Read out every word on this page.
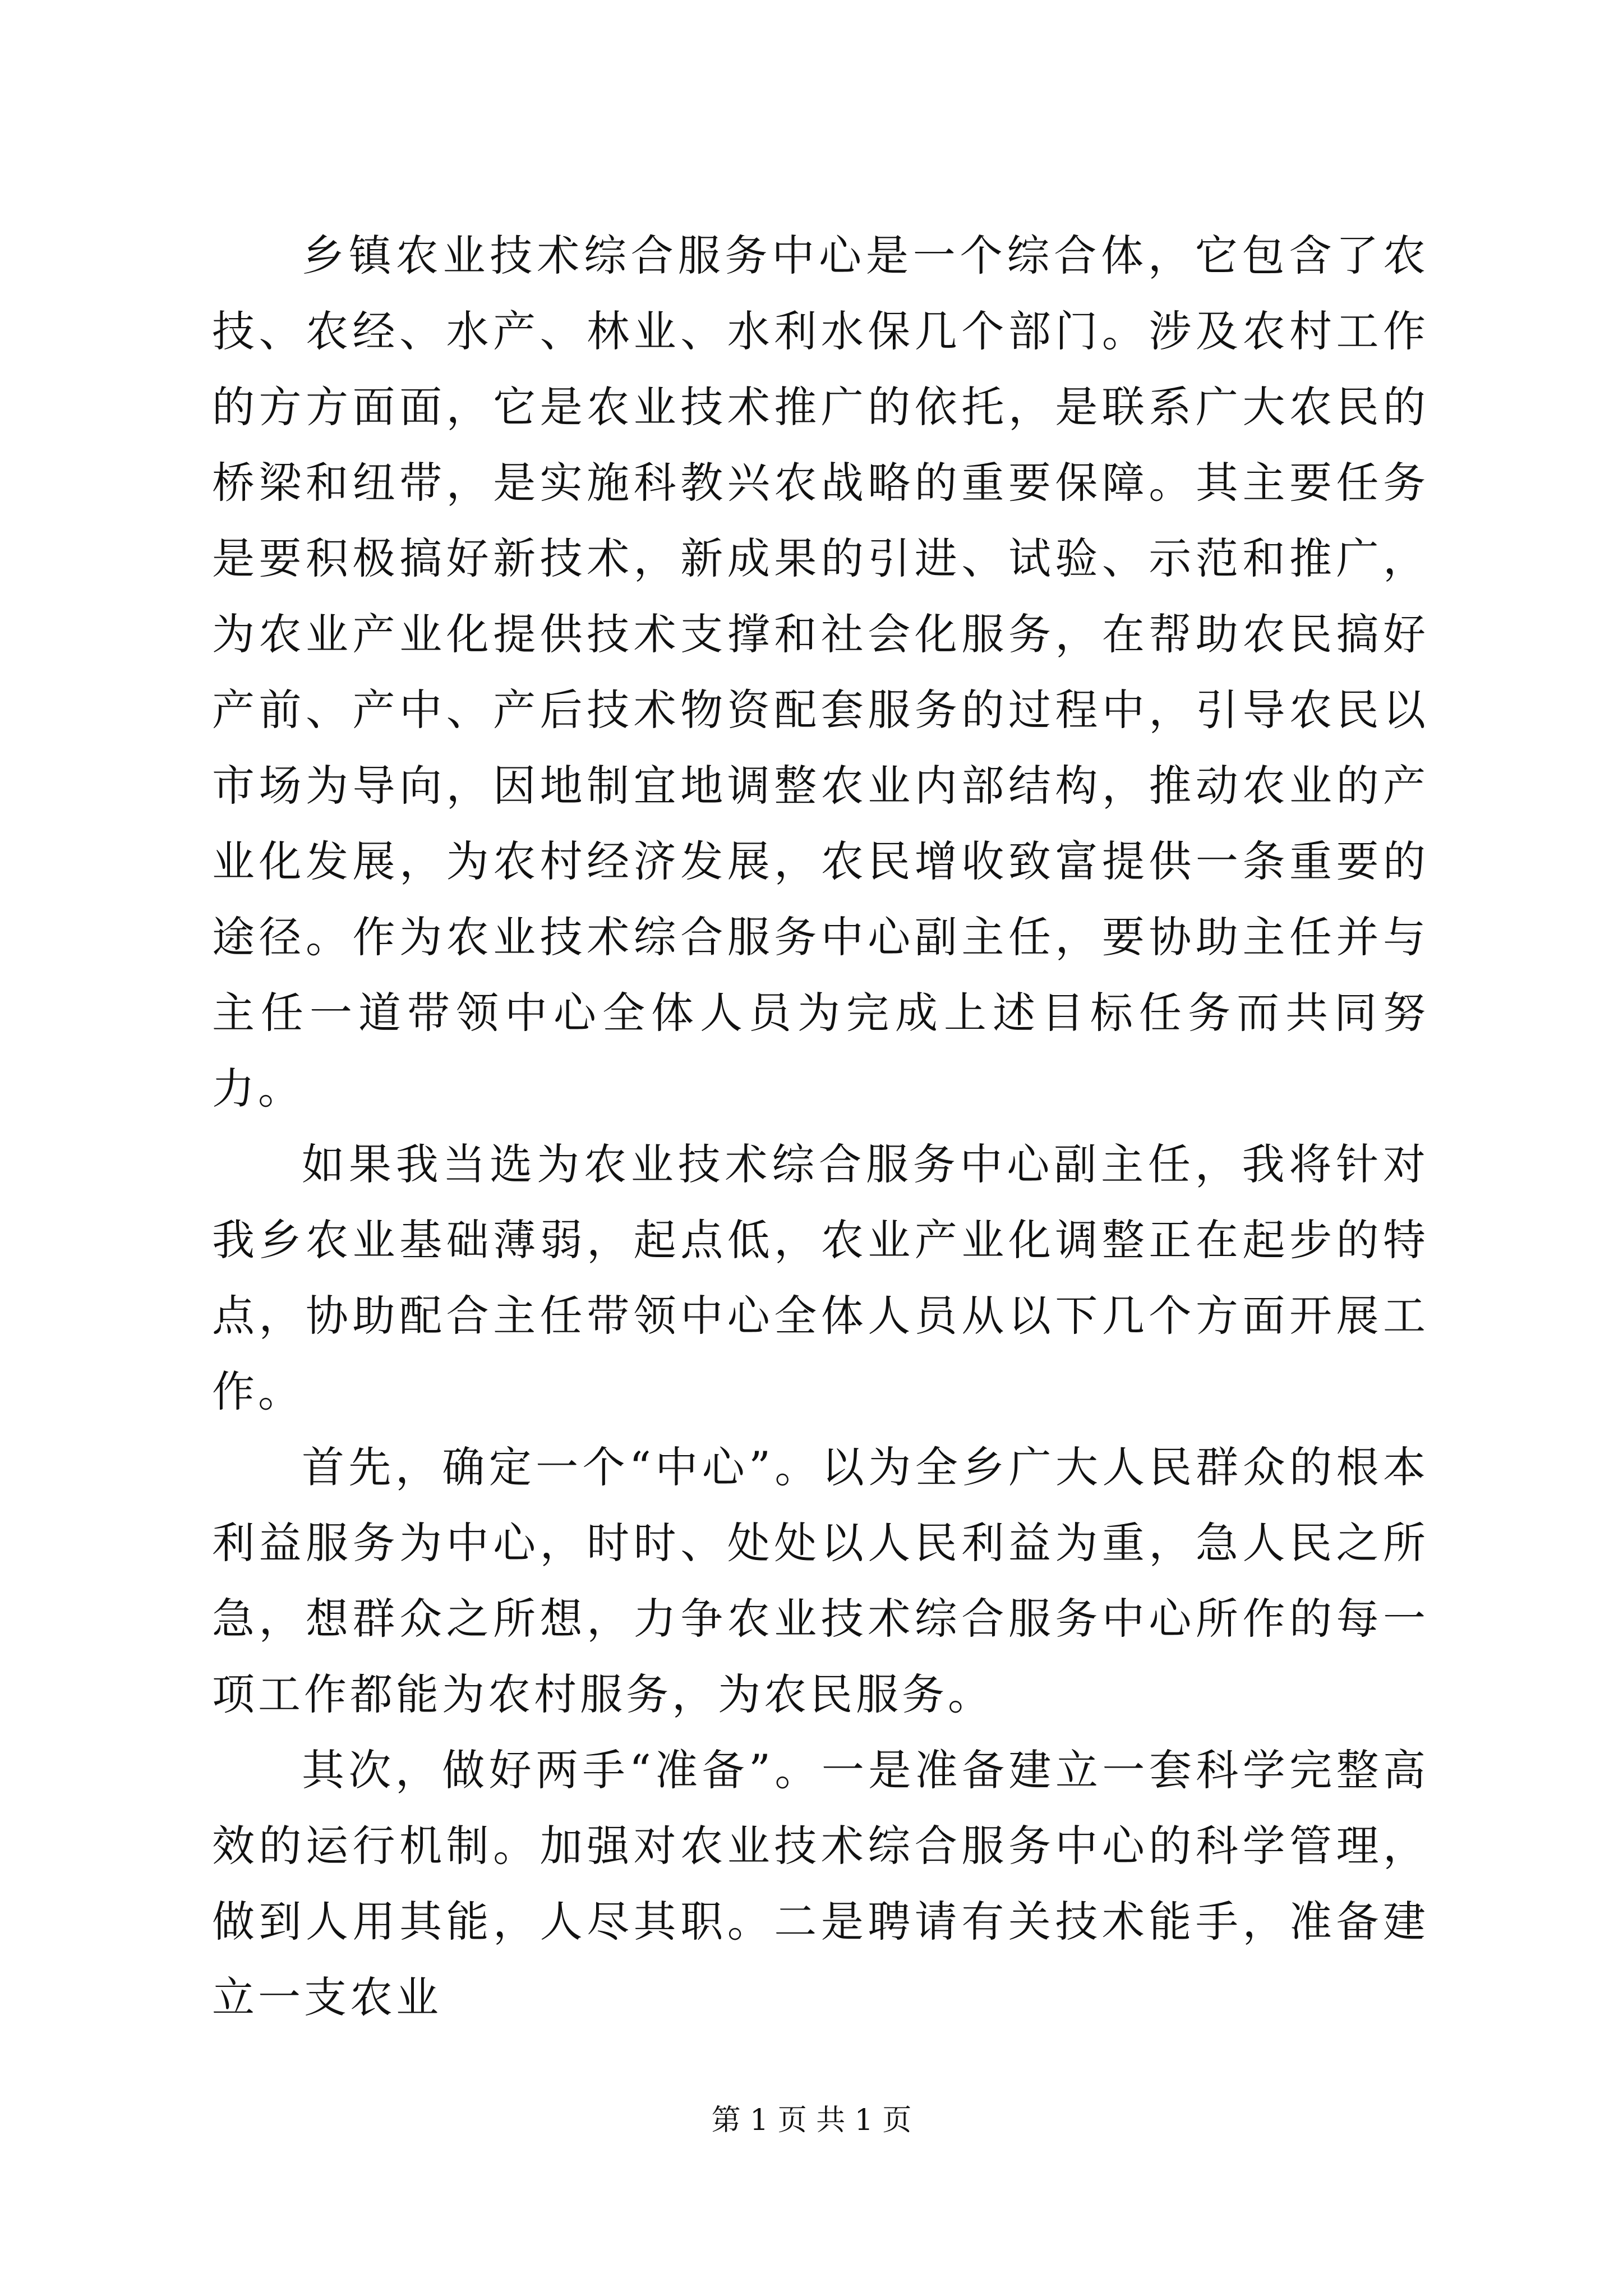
乡镇农业技术综合服务中心是一个综合体，它包含了农技、农经、水产、林业、水利水保几个部门。涉及农村工作的方方面面，它是农业技术推广的依托，是联系广大农民的桥梁和纽带，是实施科教兴农战略的重要保障。其主要任务是要积极搞好新技术，新成果的引进、试验、示范和推广，为农业产业化提供技术支撑和社会化服务，在帮助农民搞好产前、产中、产后技术物资配套服务的过程中，引导农民以市场为导向，因地制宜地调整农业内部结构，推动农业的产业化发展，为农村经济发展，农民增收致富提供一条重要的途径。作为农业技术综合服务中心副主任，要协助主任并与主任一道带领中心全体人员为完成上述目标任务而共同努力。

如果我当选为农业技术综合服务中心副主任，我将针对我乡农业基础薄弱，起点低，农业产业化调整正在起步的特点，协助配合主任带领中心全体人员从以下几个方面开展工作。

首先，确定一个“中心”。以为全乡广大人民群众的根本利益服务为中心，时时、处处以人民利益为重，急人民之所急，想群众之所想，力争农业技术综合服务中心所作的每一项工作都能为农村服务，为农民服务。

其次，做好两手“准备”。一是准备建立一套科学完整高效的运行机制。加强对农业技术综合服务中心的科学管理，做到人用其能，人尽其职。二是聘请有关技术能手，准备建立一支农业

第 1 页 共 1 页
